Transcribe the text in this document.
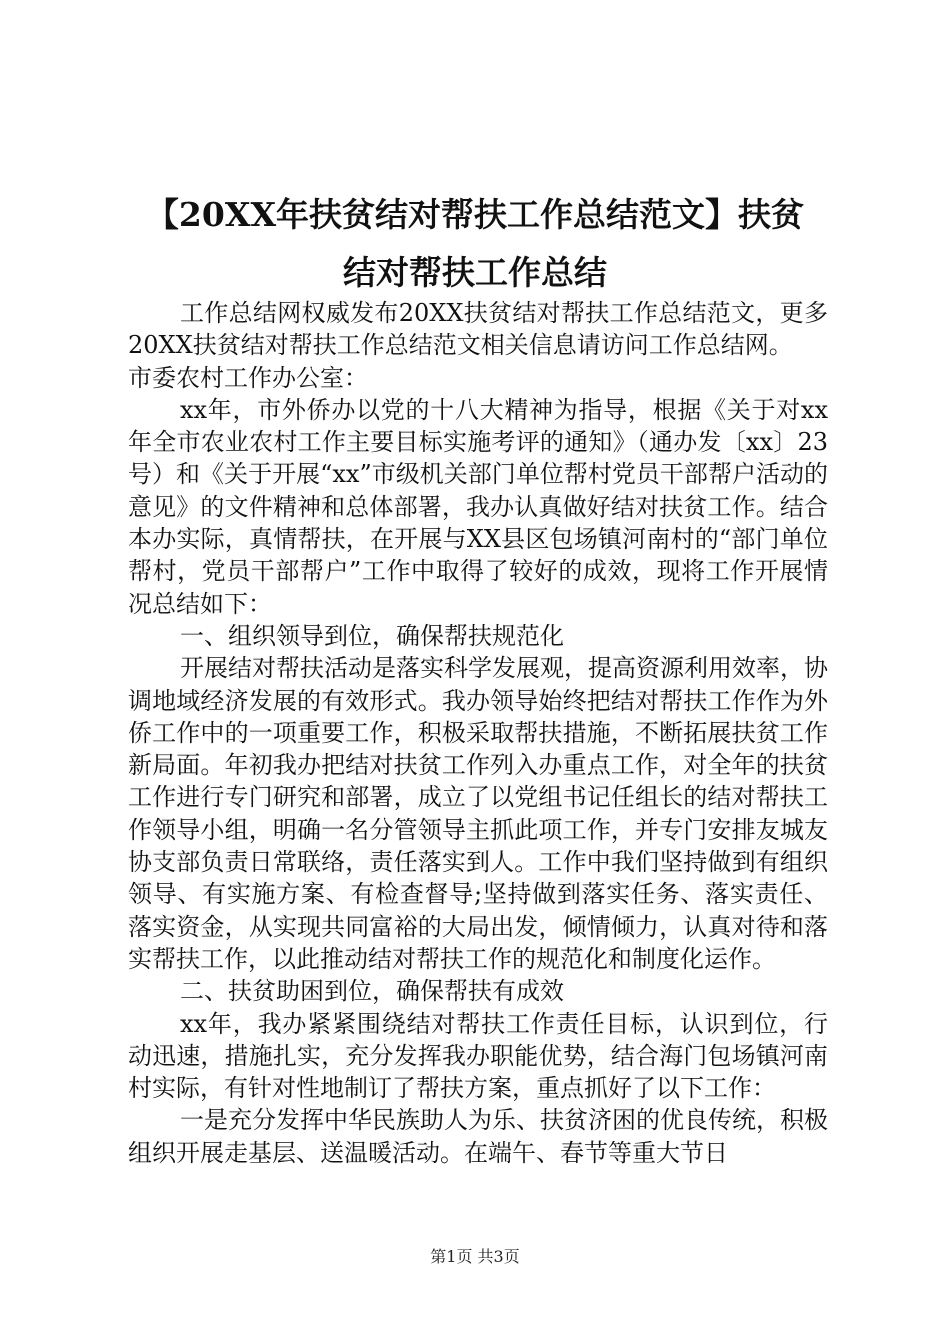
【20XX年扶贫结对帮扶工作总结范文】扶贫
结对帮扶工作总结

工作总结网权威发布20XX扶贫结对帮扶工作总结范文，更多20XX扶贫结对帮扶工作总结范文相关信息请访问工作总结网。

市委农村工作办公室：

xx年，市外侨办以党的十八大精神为指导，根据《关于对xx年全市农业农村工作主要目标实施考评的通知》（通办发〔xx〕23号）和《关于开展“xx”市级机关部门单位帮村党员干部帮户活动的意见》的文件精神和总体部署，我办认真做好结对扶贫工作。结合本办实际，真情帮扶，在开展与XX县区包场镇河南村的“部门单位帮村，党员干部帮户”工作中取得了较好的成效，现将工作开展情况总结如下：

一、组织领导到位，确保帮扶规范化

开展结对帮扶活动是落实科学发展观，提高资源利用效率，协调地域经济发展的有效形式。我办领导始终把结对帮扶工作作为外侨工作中的一项重要工作，积极采取帮扶措施，不断拓展扶贫工作新局面。年初我办把结对扶贫工作列入办重点工作，对全年的扶贫工作进行专门研究和部署，成立了以党组书记任组长的结对帮扶工作领导小组，明确一名分管领导主抓此项工作，并专门安排友城友协支部负责日常联络，责任落实到人。工作中我们坚持做到有组织领导、有实施方案、有检查督导;坚持做到落实任务、落实责任、落实资金，从实现共同富裕的大局出发，倾情倾力，认真对待和落实帮扶工作，以此推动结对帮扶工作的规范化和制度化运作。

二、扶贫助困到位，确保帮扶有成效

xx年，我办紧紧围绕结对帮扶工作责任目标，认识到位，行动迅速，措施扎实，充分发挥我办职能优势，结合海门包场镇河南村实际，有针对性地制订了帮扶方案，重点抓好了以下工作：

一是充分发挥中华民族助人为乐、扶贫济困的优良传统，积极组织开展走基层、送温暖活动。在端午、春节等重大节日

第1页 共3页
